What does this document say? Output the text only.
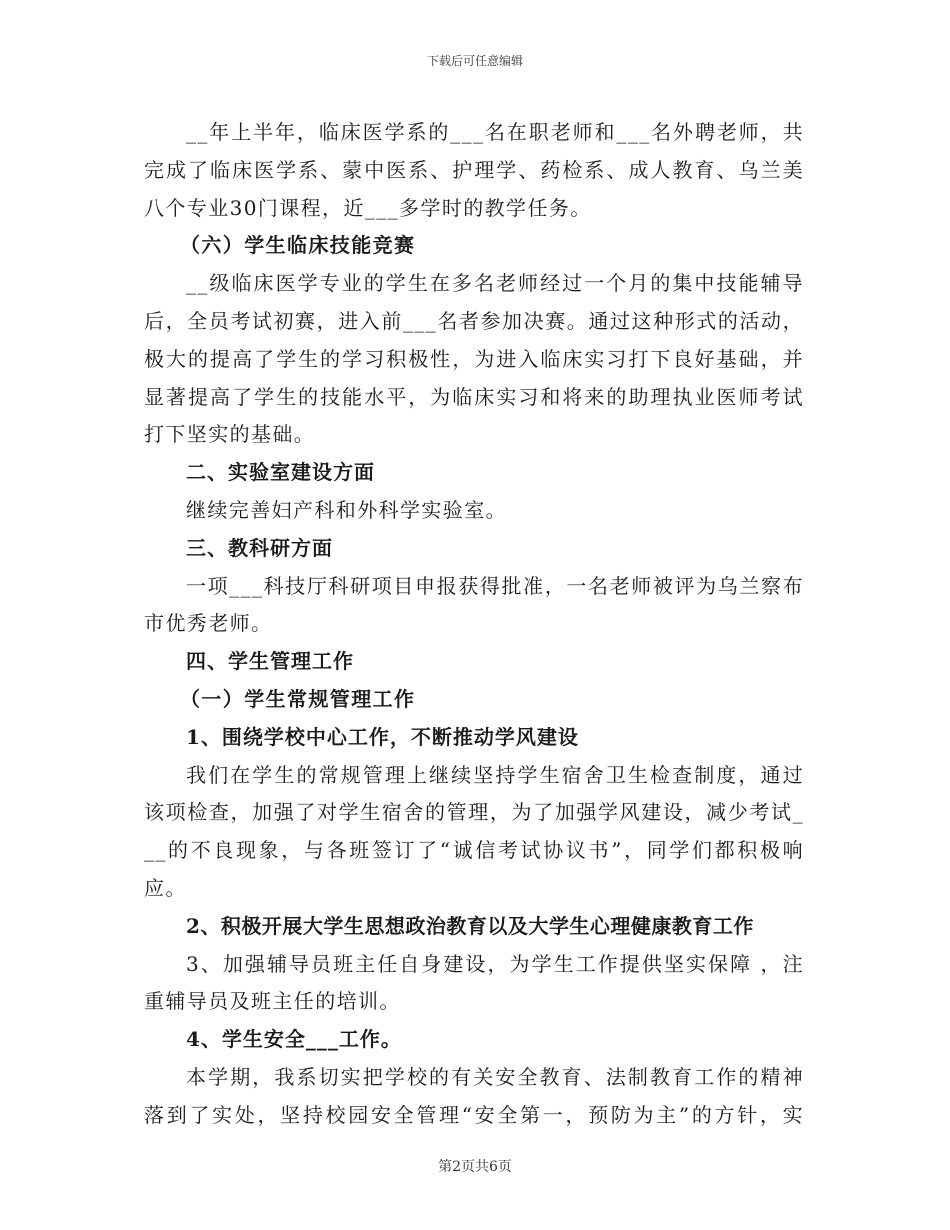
下载后可任意编辑
__年上半年，临床医学系的___名在职老师和___名外聘老师，共
完成了临床医学系、蒙中医系、护理学、药检系、成人教育、乌兰美
八个专业30门课程，近___多学时的教学任务。
（六）学生临床技能竞赛
__级临床医学专业的学生在多名老师经过一个月的集中技能辅导
后，全员考试初赛，进入前___名者参加决赛。通过这种形式的活动，
极大的提高了学生的学习积极性，为进入临床实习打下良好基础，并
显著提高了学生的技能水平，为临床实习和将来的助理执业医师考试
打下坚实的基础。
二、实验室建设方面
继续完善妇产科和外科学实验室。
三、教科研方面
一项___科技厅科研项目申报获得批准，一名老师被评为乌兰察布
市优秀老师。
四、学生管理工作
（一）学生常规管理工作
1、围绕学校中心工作，不断推动学风建设
我们在学生的常规管理上继续坚持学生宿舍卫生检查制度，通过
该项检查，加强了对学生宿舍的管理，为了加强学风建设，减少考试_
__的不良现象，与各班签订了“诚信考试协议书”，同学们都积极响
应。
2、积极开展大学生思想政治教育以及大学生心理健康教育工作
3、加强辅导员班主任自身建设，为学生工作提供坚实保障 ，注
重辅导员及班主任的培训。
4、学生安全___工作。
本学期，我系切实把学校的有关安全教育、法制教育工作的精神
落到了实处，坚持校园安全管理“安全第一，预防为主”的方针，实
第2页共6页
